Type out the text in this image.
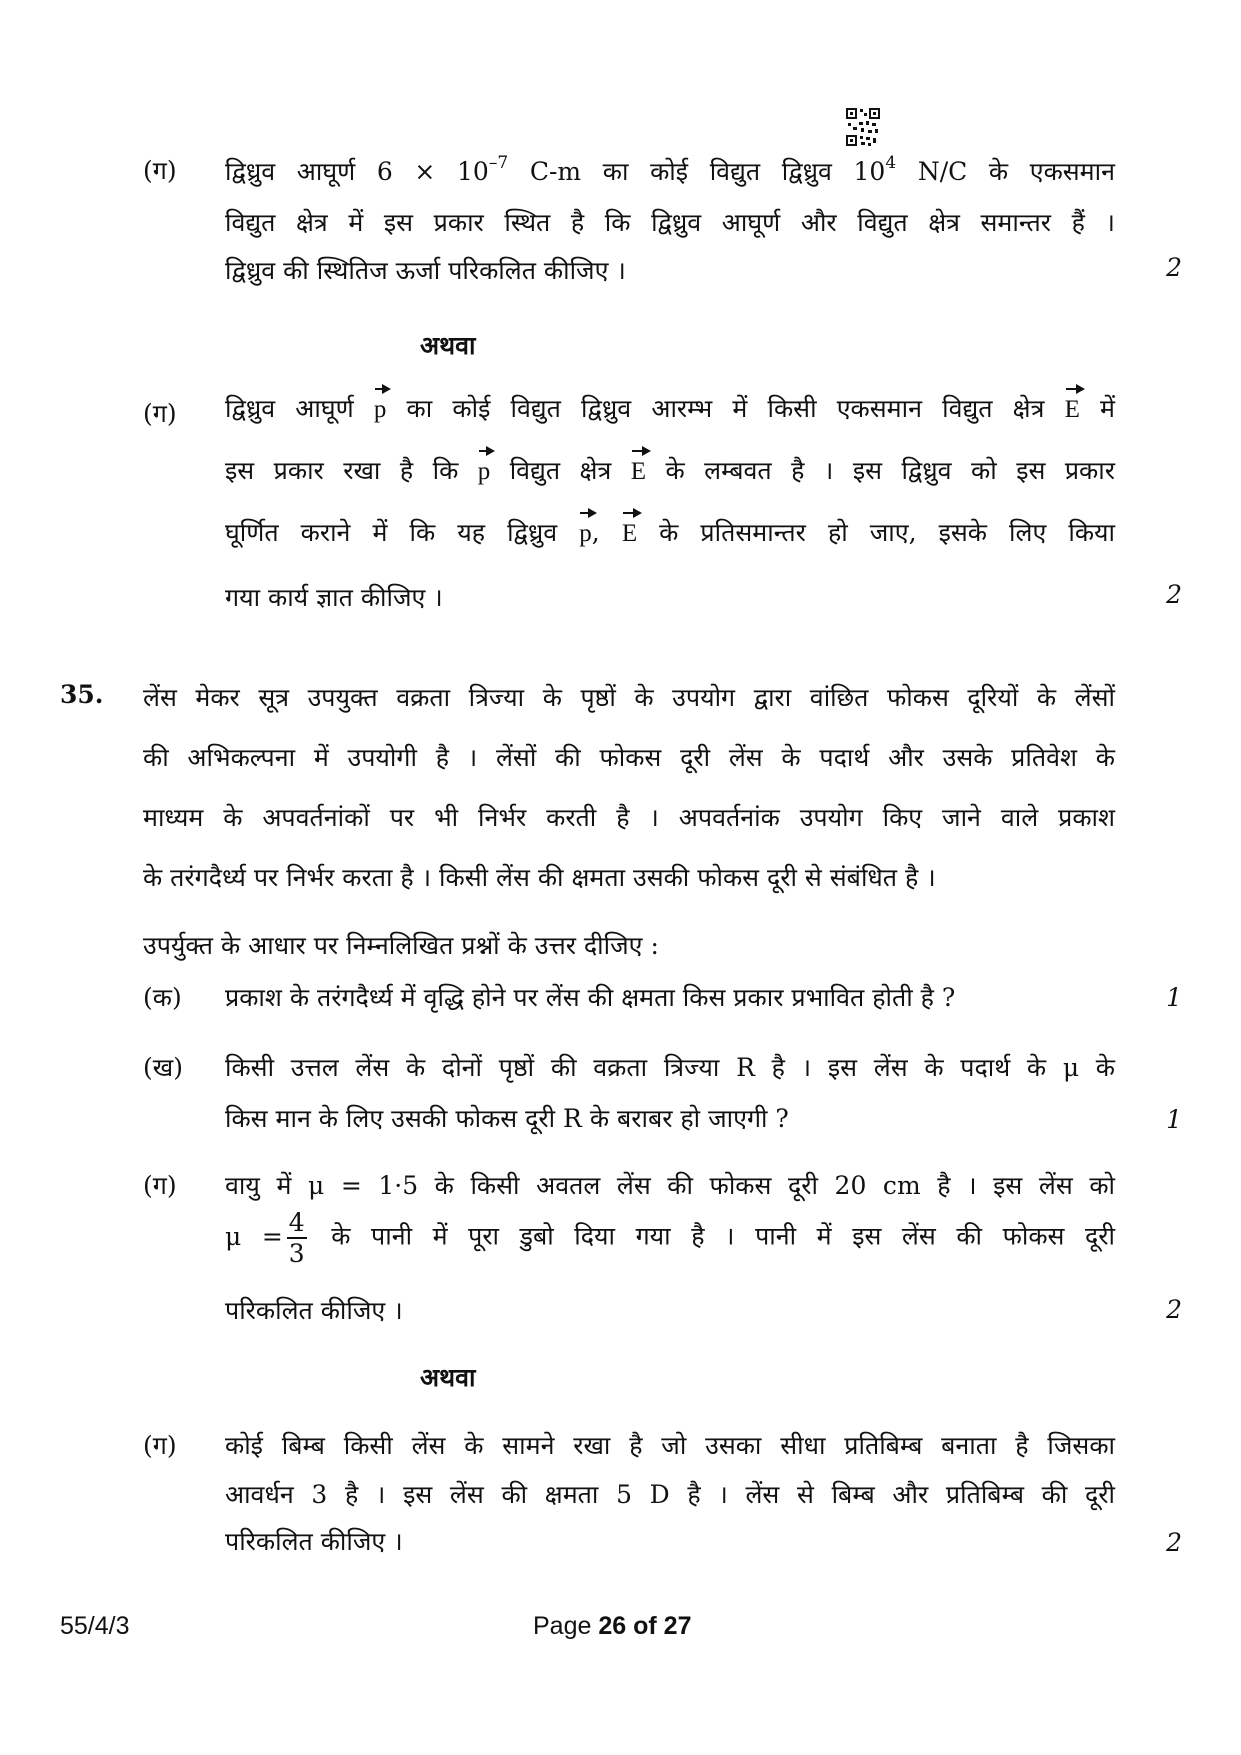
(ग) द्विध्रुव आघूर्ण $6 \times 10^{-7}$ C-m का कोई विद्युत द्विध्रुव $10^4$ N/C के एकसमान
विद्युत क्षेत्र में इस प्रकार स्थित है कि द्विध्रुव आघूर्ण और विद्युत क्षेत्र समान्तर हैं ।
द्विध्रुव की स्थितिज ऊर्जा परिकलित कीजिए ।	2
अथवा
(ग) द्विध्रुव आघूर्ण p का कोई विद्युत द्विध्रुव आरम्भ में किसी एकसमान विद्युत क्षेत्र E में
इस प्रकार रखा है कि p विद्युत क्षेत्र E के लम्बवत है । इस द्विध्रुव को इस प्रकार
घूर्णित कराने में कि यह द्विध्रुव p, E के प्रतिसमान्तर हो जाए, इसके लिए किया
गया कार्य ज्ञात कीजिए ।	2
35. लेंस मेकर सूत्र उपयुक्त वक्रता त्रिज्या के पृष्ठों के उपयोग द्वारा वांछित फोकस दूरियों के लेंसों
की अभिकल्पना में उपयोगी है । लेंसों की फोकस दूरी लेंस के पदार्थ और उसके प्रतिवेश के
माध्यम के अपवर्तनांकों पर भी निर्भर करती है । अपवर्तनांक उपयोग किए जाने वाले प्रकाश
के तरंगदैर्ध्य पर निर्भर करता है । किसी लेंस की क्षमता उसकी फोकस दूरी से संबंधित है ।
उपर्युक्त के आधार पर निम्नलिखित प्रश्नों के उत्तर दीजिए :
(क) प्रकाश के तरंगदैर्ध्य में वृद्धि होने पर लेंस की क्षमता किस प्रकार प्रभावित होती है ?	1
(ख) किसी उत्तल लेंस के दोनों पृष्ठों की वक्रता त्रिज्या R है । इस लेंस के पदार्थ के μ के
किस मान के लिए उसकी फोकस दूरी R के बराबर हो जाएगी ?	1
(ग) वायु में μ = 1·5 के किसी अवतल लेंस की फोकस दूरी 20 cm है । इस लेंस को
$\mu = \frac{4}{3}$ के पानी में पूरा डुबो दिया गया है । पानी में इस लेंस की फोकस दूरी
परिकलित कीजिए ।	2
अथवा
(ग) कोई बिम्ब किसी लेंस के सामने रखा है जो उसका सीधा प्रतिबिम्ब बनाता है जिसका
आवर्धन 3 है । इस लेंस की क्षमता 5 D है । लेंस से बिम्ब और प्रतिबिम्ब की दूरी
परिकलित कीजिए ।	2
55/4/3	Page 26 of 27
